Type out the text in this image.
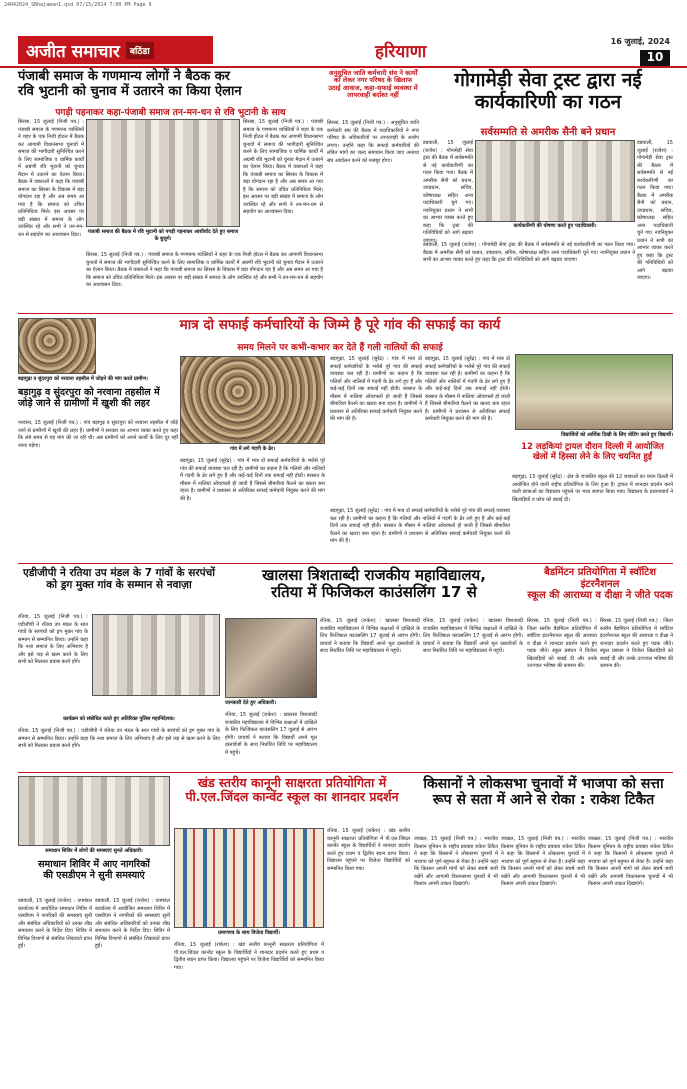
24042024_SBhajaman1.qxd 07/15/2024 7:00 PM Page 9
अजीत समाचार	बठिंडा	हरियाणा
16 जुलाई, 2024
10
पंजाबी समाज के गणमान्य लोगों ने बैठक कर
रवि भुटानी को चुनाव में उतारने का किया ऐलान
पगड़ी पहनाकर कहा-पंजाबी समाज तन-मन-धन से रवि भुटानी के साथ
सिरसा, 15 जुलाई (निजी पत्र.) : पंजाबी समाज के गणमान्य व्यक्तियों ने शहर के एक निजी होटल में बैठक कर आगामी विधानसभा चुनावों में समाज की भागीदारी सुनिश्चित करने के लिए सामाजिक व धार्मिक कार्यों में अग्रणी रवि भुटानी को चुनाव मैदान में उतारने का ऐलान किया। बैठक में वक्ताओं ने कहा कि पंजाबी समाज का सिरसा के विकास में बड़ा योगदान रहा है और अब समय आ गया है कि समाज को उचित प्रतिनिधित्व मिले। इस अवसर पर बड़ी संख्या में समाज के लोग उपस्थित रहे और सभी ने तन-मन-धन से सहयोग का आश्वासन दिया।	पंजाबी समाज की बैठक में रवि भुटानी को पगड़ी पहनाकर आशीर्वाद देते हुए समाज के बुजुर्ग।
सिरसा, 15 जुलाई (निजी पत्र.) : पंजाबी समाज के गणमान्य व्यक्तियों ने शहर के एक निजी होटल में बैठक कर आगामी विधानसभा चुनावों में समाज की भागीदारी सुनिश्चित करने के लिए सामाजिक व धार्मिक कार्यों में अग्रणी रवि भुटानी को चुनाव मैदान में उतारने का ऐलान किया। बैठक में वक्ताओं ने कहा कि पंजाबी समाज का सिरसा के विकास में बड़ा योगदान रहा है और अब समय आ गया है कि समाज को उचित प्रतिनिधित्व मिले। इस अवसर पर बड़ी संख्या में समाज के लोग उपस्थित रहे और सभी ने तन-मन-धन से सहयोग का आश्वासन दिया।
सिरसा, 15 जुलाई (निजी पत्र.) : पंजाबी समाज के गणमान्य व्यक्तियों ने शहर के एक निजी होटल में बैठक कर आगामी विधानसभा चुनावों में समाज की भागीदारी सुनिश्चित करने के लिए सामाजिक व धार्मिक कार्यों में अग्रणी रवि भुटानी को चुनाव मैदान में उतारने का ऐलान किया। बैठक में वक्ताओं ने कहा कि पंजाबी समाज का सिरसा के विकास में बड़ा योगदान रहा है और अब समय आ गया है कि समाज को उचित प्रतिनिधित्व मिले। इस अवसर पर बड़ी संख्या में समाज के लोग उपस्थित रहे और सभी ने तन-मन-धन से सहयोग का आश्वासन दिया।
अनुसूचित जाति कर्मचारी संघ ने कार्यों को लेकर नगर परिषद के खिलाफ उठाई आवाज, कहा-सफाई व्यवस्था में लापरवाही बर्दाश्त नहीं
सिरसा, 15 जुलाई (निजी पत्र.) : अनुसूचित जाति कर्मचारी संघ की बैठक में पदाधिकारियों ने नगर परिषद के अधिकारियों पर लापरवाही के आरोप लगाए। उन्होंने कहा कि सफाई कर्मचारियों की लंबित मांगों का जल्द समाधान किया जाए अन्यथा संघ आंदोलन करने को मजबूर होगा।
गोगामेड़ी सेवा ट्रस्ट द्वारा नई
कार्यकारिणी का गठन
सर्वसम्मति से अमरीक सैनी बने प्रधान
डबवाली, 15 जुलाई (राजेश) : गोगामेड़ी सेवा ट्रस्ट की बैठक में सर्वसम्मति से नई कार्यकारिणी का गठन किया गया। बैठक में अमरीक सैनी को प्रधान, उपप्रधान, सचिव, कोषाध्यक्ष सहित अन्य पदाधिकारी चुने गए। नवनियुक्त प्रधान ने सभी का आभार व्यक्त करते हुए कहा कि ट्रस्ट की गतिविधियों को आगे बढ़ाया जाएगा।
कार्यकारिणी की घोषणा करते हुए पदाधिकारी।
डबवाली, 15 जुलाई (राजेश) : गोगामेड़ी सेवा ट्रस्ट की बैठक में सर्वसम्मति से नई कार्यकारिणी का गठन किया गया। बैठक में अमरीक सैनी को प्रधान, उपप्रधान, सचिव, कोषाध्यक्ष सहित अन्य पदाधिकारी चुने गए। नवनियुक्त प्रधान ने सभी का आभार व्यक्त करते हुए कहा कि ट्रस्ट की गतिविधियों को आगे बढ़ाया जाएगा।
डबवाली, 15 जुलाई (राजेश) : गोगामेड़ी सेवा ट्रस्ट की बैठक में सर्वसम्मति से नई कार्यकारिणी का गठन किया गया। बैठक में अमरीक सैनी को प्रधान, उपप्रधान, सचिव, कोषाध्यक्ष सहित अन्य पदाधिकारी चुने गए। नवनियुक्त प्रधान ने सभी का आभार व्यक्त करते हुए कहा कि ट्रस्ट की गतिविधियों को आगे बढ़ाया जाएगा।
मात्र दो सफाई कर्मचारियों के जिम्मे है पूरे गांव की सफाई का कार्य
समय मिलने पर कभी-कभार कर देते हैं गली नालियों की सफाई
बड़ागुढ़ा व सुंदरपुरा को नरवाना तहसील में जोड़ने की मांग करते ग्रामीण।
गांव में लगे गंदगी के ढेर।
बड़ागुढ़ा, 15 जुलाई (सुरेंद्र) : गांव में मात्र दो सफाई कर्मचारियों के भरोसे पूरे गांव की सफाई व्यवस्था चल रही है। ग्रामीणों का कहना है कि गलियों और नालियों में गंदगी के ढेर लगे हुए हैं और कई-कई दिनों तक सफाई नहीं होती। बरसात के मौसम में नालियां ओवरफ्लो हो जाती हैं जिससे बीमारियां फैलने का खतरा बना रहता है। ग्रामीणों ने प्रशासन से अतिरिक्त सफाई कर्मचारी नियुक्त करने की मांग की है।
बड़ागुढ़ा, 15 जुलाई (सुरेंद्र) : गांव में मात्र दो सफाई कर्मचारियों के भरोसे पूरे गांव की सफाई व्यवस्था चल रही है। ग्रामीणों का कहना है कि गलियों और नालियों में गंदगी के ढेर लगे हुए हैं और कई-कई दिनों तक सफाई नहीं होती। बरसात के मौसम में नालियां ओवरफ्लो हो जाती हैं जिससे बीमारियां फैलने का खतरा बना रहता है। ग्रामीणों ने प्रशासन से अतिरिक्त सफाई कर्मचारी नियुक्त करने की मांग की है।
बड़ागुढ़ा, 15 जुलाई (सुरेंद्र) : गांव में मात्र दो सफाई कर्मचारियों के भरोसे पूरे गांव की सफाई व्यवस्था चल रही है। ग्रामीणों का कहना है कि गलियों और नालियों में गंदगी के ढेर लगे हुए हैं और कई-कई दिनों तक सफाई नहीं होती। बरसात के मौसम में नालियां ओवरफ्लो हो जाती हैं जिससे बीमारियां फैलने का खतरा बना रहता है। ग्रामीणों ने प्रशासन से अतिरिक्त सफाई कर्मचारी नियुक्त करने की मांग की है।
बड़ागुढ़ व सुंदरपुरा को नरवाना तहसील में
जोड़े जाने से ग्रामीणों में खुशी की लहर
नरवाना, 15 जुलाई (निजी पत्र.) : गांव बड़ागुढ़ व सुंदरपुरा को नरवाना तहसील में जोड़े जाने से ग्रामीणों में खुशी की लहर है। ग्रामीणों ने सरकार का आभार व्यक्त करते हुए कहा कि लंबे समय से यह मांग की जा रही थी। अब ग्रामीणों को अपने कार्यों के लिए दूर नहीं जाना पड़ेगा।
विद्यार्थियों को आर्थिक दिखी के लिए वोटिंग करते हुए विद्यार्थी।
12 लड़कियां ट्रायल दौरान दिल्ली में आयोजित
खेलों में हिस्सा लेने के लिए चयनित हुईं
बड़ागुढ़ा, 15 जुलाई (सुरेंद्र) : क्षेत्र के राजकीय स्कूल की 12 छात्राओं का चयन दिल्ली में आयोजित होने वाली राष्ट्रीय प्रतियोगिता के लिए हुआ है। ट्रायल में शानदार प्रदर्शन करने वाली छात्राओं का विद्यालय पहुंचने पर भव्य स्वागत किया गया। विद्यालय के प्रधानाचार्य ने खिलाड़ियों व कोच को बधाई दी।
बड़ागुढ़ा, 15 जुलाई (सुरेंद्र) : गांव में मात्र दो सफाई कर्मचारियों के भरोसे पूरे गांव की सफाई व्यवस्था चल रही है। ग्रामीणों का कहना है कि गलियों और नालियों में गंदगी के ढेर लगे हुए हैं और कई-कई दिनों तक सफाई नहीं होती। बरसात के मौसम में नालियां ओवरफ्लो हो जाती हैं जिससे बीमारियां फैलने का खतरा बना रहता है। ग्रामीणों ने प्रशासन से अतिरिक्त सफाई कर्मचारी नियुक्त करने की मांग की है।
एडीजीपी ने रतिया उप मंडल के 7 गांवों के सरपंचों
को ड्रग मुक्त गांव के सम्मान से नवाज़ा
रतिया, 15 जुलाई (निजी पत्र.) : एडीजीपी ने रतिया उप मंडल के सात गांवों के सरपंचों को ड्रग मुक्त गांव के सम्मान से सम्मानित किया। उन्होंने कहा कि नशा समाज के लिए अभिशाप है और इसे जड़ से खत्म करने के लिए सभी को मिलकर प्रयास करने होंगे।
कार्यक्रम को संबोधित करते हुए अतिरिक्त पुलिस महानिदेशक।
रतिया, 15 जुलाई (निजी पत्र.) : एडीजीपी ने रतिया उप मंडल के सात गांवों के सरपंचों को ड्रग मुक्त गांव के सम्मान से सम्मानित किया। उन्होंने कहा कि नशा समाज के लिए अभिशाप है और इसे जड़ से खत्म करने के लिए सभी को मिलकर प्रयास करने होंगे।
खालसा त्रिशताब्दी राजकीय महाविद्यालय,
रतिया में फिजिकल काउंसलिंग 17 से
जानकारी देते हुए अधिकारी।
रतिया, 15 जुलाई (राकेश) : खालसा त्रिशताब्दी राजकीय महाविद्यालय में विभिन्न कक्षाओं में दाखिले के लिए फिजिकल काउंसलिंग 17 जुलाई से आरंभ होगी। प्राचार्य ने बताया कि विद्यार्थी अपने मूल दस्तावेजों के साथ निर्धारित तिथि पर महाविद्यालय में पहुंचें।
रतिया, 15 जुलाई (राकेश) : खालसा त्रिशताब्दी राजकीय महाविद्यालय में विभिन्न कक्षाओं में दाखिले के लिए फिजिकल काउंसलिंग 17 जुलाई से आरंभ होगी। प्राचार्य ने बताया कि विद्यार्थी अपने मूल दस्तावेजों के साथ निर्धारित तिथि पर महाविद्यालय में पहुंचें।
रतिया, 15 जुलाई (राकेश) : खालसा त्रिशताब्दी राजकीय महाविद्यालय में विभिन्न कक्षाओं में दाखिले के लिए फिजिकल काउंसलिंग 17 जुलाई से आरंभ होगी। प्राचार्य ने बताया कि विद्यार्थी अपने मूल दस्तावेजों के साथ निर्धारित तिथि पर महाविद्यालय में पहुंचें।
बैडमिंटन प्रतियोगिता में स्वॉटिश इंटरनैशनल
स्कूल की आराध्या व दीक्षा ने जीते पदक
सिरसा, 15 जुलाई (निजी पत्र.) : जिला स्तरीय बैडमिंटन प्रतियोगिता में स्वॉटिश इंटरनैशनल स्कूल की आराध्या व दीक्षा ने शानदार प्रदर्शन करते हुए पदक जीते। स्कूल प्रबंधन ने विजेता खिलाड़ियों को बधाई दी और उनके उज्ज्वल भविष्य की कामना की।
सिरसा, 15 जुलाई (निजी पत्र.) : जिला स्तरीय बैडमिंटन प्रतियोगिता में स्वॉटिश इंटरनैशनल स्कूल की आराध्या व दीक्षा ने शानदार प्रदर्शन करते हुए पदक जीते। स्कूल प्रबंधन ने विजेता खिलाड़ियों को बधाई दी और उनके उज्ज्वल भविष्य की कामना की।
समाधान शिविर में लोगों की समस्याएं सुनते अधिकारी।
खंड स्तरीय कानूनी साक्षरता प्रतियोगिता में
पी.एल.जिंदल कान्वेंट स्कूल का शानदार प्रदर्शन
प्रमाणपत्र के साथ विजेता विद्यार्थी।
रतिया, 15 जुलाई (राकेश) : खंड स्तरीय कानूनी साक्षरता प्रतियोगिता में पी.एल.जिंदल कान्वेंट स्कूल के विद्यार्थियों ने शानदार प्रदर्शन करते हुए प्रथम व द्वितीय स्थान प्राप्त किया। विद्यालय पहुंचने पर विजेता विद्यार्थियों को सम्मानित किया गया।
रतिया, 15 जुलाई (राकेश) : खंड स्तरीय कानूनी साक्षरता प्रतियोगिता में पी.एल.जिंदल कान्वेंट स्कूल के विद्यार्थियों ने शानदार प्रदर्शन करते हुए प्रथम व द्वितीय स्थान प्राप्त किया। विद्यालय पहुंचने पर विजेता विद्यार्थियों को सम्मानित किया गया।
किसानों ने लोकसभा चुनावों में भाजपा को सत्ता
रूप से सता में आने से रोका : राकेश टिकैत
जाखल, 15 जुलाई (निजी पत्र.) : भारतीय किसान यूनियन के राष्ट्रीय प्रवक्ता राकेश टिकैत ने कहा कि किसानों ने लोकसभा चुनावों में भाजपा को पूर्ण बहुमत से रोका है। उन्होंने कहा कि किसान अपनी मांगों को लेकर संघर्ष जारी रखेंगे और आगामी विधानसभा चुनावों में भी किसान अपनी ताकत दिखाएंगे।
जाखल, 15 जुलाई (निजी पत्र.) : भारतीय किसान यूनियन के राष्ट्रीय प्रवक्ता राकेश टिकैत ने कहा कि किसानों ने लोकसभा चुनावों में भाजपा को पूर्ण बहुमत से रोका है। उन्होंने कहा कि किसान अपनी मांगों को लेकर संघर्ष जारी रखेंगे और आगामी विधानसभा चुनावों में भी किसान अपनी ताकत दिखाएंगे।
जाखल, 15 जुलाई (निजी पत्र.) : भारतीय किसान यूनियन के राष्ट्रीय प्रवक्ता राकेश टिकैत ने कहा कि किसानों ने लोकसभा चुनावों में भाजपा को पूर्ण बहुमत से रोका है। उन्होंने कहा कि किसान अपनी मांगों को लेकर संघर्ष जारी रखेंगे और आगामी विधानसभा चुनावों में भी किसान अपनी ताकत दिखाएंगे।
समाधान शिविर में आए नागरिकों
की एसडीएम ने सुनी समस्याएं
डबवाली, 15 जुलाई (राजेश) : उपमंडल कार्यालय में आयोजित समाधान शिविर में एसडीएम ने नागरिकों की समस्याएं सुनीं और संबंधित अधिकारियों को उनका शीघ्र समाधान करने के निर्देश दिए। शिविर में विभिन्न विभागों से संबंधित शिकायतें प्राप्त हुईं।
डबवाली, 15 जुलाई (राजेश) : उपमंडल कार्यालय में आयोजित समाधान शिविर में एसडीएम ने नागरिकों की समस्याएं सुनीं और संबंधित अधिकारियों को उनका शीघ्र समाधान करने के निर्देश दिए। शिविर में विभिन्न विभागों से संबंधित शिकायतें प्राप्त हुईं।
